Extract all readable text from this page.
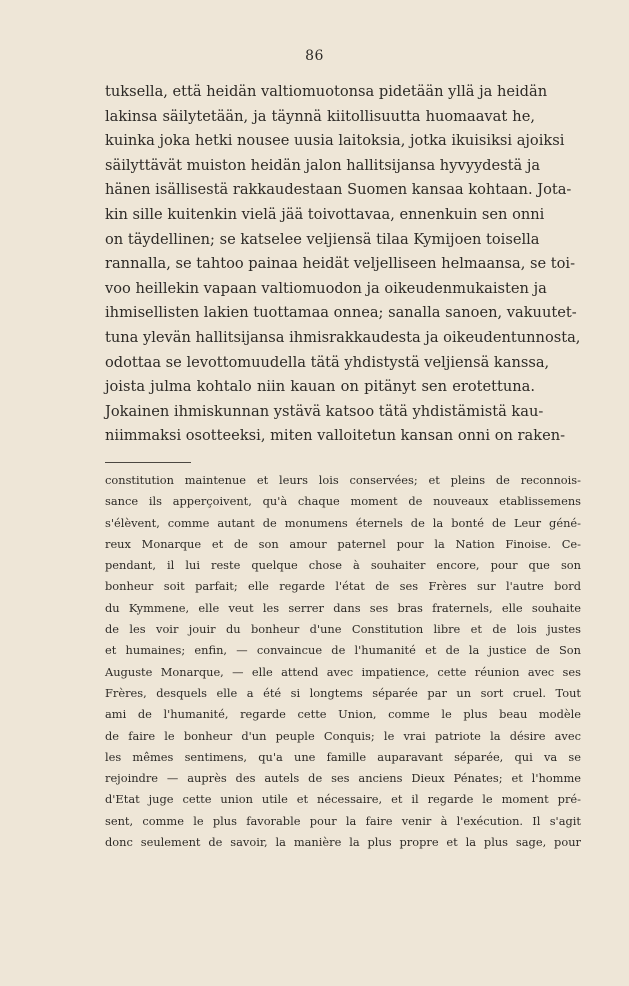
86
tuksella, että heidän valtiomuotonsa pidetään yllä ja heidän
lakinsa säilytetään, ja täynnä kiitollisuutta huomaavat he,
kuinka joka hetki nousee uusia laitoksia, jotka ikuisiksi ajoiksi
säilyttävät muiston heidän jalon hallitsijansa hyvyydestä ja
hänen isällisestä rakkaudestaan Suomen kansaa kohtaan. Jota-
kin sille kuitenkin vielä jää toivottavaa, ennenkuin sen onni
on täydellinen; se katselee veljiensä tilaa Kymijoen toisella
rannalla, se tahtoo painaa heidät veljelliseen helmaansa, se toi-
voo heillekin vapaan valtiomuodon ja oikeudenmukaisten ja
ihmisellisten lakien tuottamaa onnea; sanalla sanoen, vakuutet-
tuna ylevän hallitsijansa ihmisrakkaudesta ja oikeudentunnosta,
odottaa se levottomuudella tätä yhdistystä veljiensä kanssa,
joista julma kohtalo niin kauan on pitänyt sen erotettuna.
Jokainen ihmiskunnan ystävä katsoo tätä yhdistämistä kau-
niimmaksi osotteeksi, miten valloitetun kansan onni on raken-
constitution maintenue et leurs lois conservées; et pleins de reconnois-
sance ils apperçoivent, qu'à chaque moment de nouveaux etablissemens
s'élèvent, comme autant de monumens éternels de la bonté de Leur géné-
reux Monarque et de son amour paternel pour la Nation Finoise. Ce-
pendant, il lui reste quelque chose à souhaiter encore, pour que son
bonheur soit parfait; elle regarde l'état de ses Frères sur l'autre bord
du Kymmene, elle veut les serrer dans ses bras fraternels, elle souhaite
de les voir jouir du bonheur d'une Constitution libre et de lois justes
et humaines; enfin, — convaincue de l'humanité et de la justice de Son
Auguste Monarque, — elle attend avec impatience, cette réunion avec ses
Frères, desquels elle a été si longtems séparée par un sort cruel. Tout
ami de l'humanité, regarde cette Union, comme le plus beau modèle
de faire le bonheur d'un peuple Conquis; le vrai patriote la désire avec
les mêmes sentimens, qu'a une famille auparavant séparée, qui va se
rejoindre — auprès des autels de ses anciens Dieux Pénates; et l'homme
d'Etat juge cette union utile et nécessaire, et il regarde le moment pré-
sent, comme le plus favorable pour la faire venir à l'exécution. Il s'agit
donc seulement de savoir, la manière la plus propre et la plus sage, pour
